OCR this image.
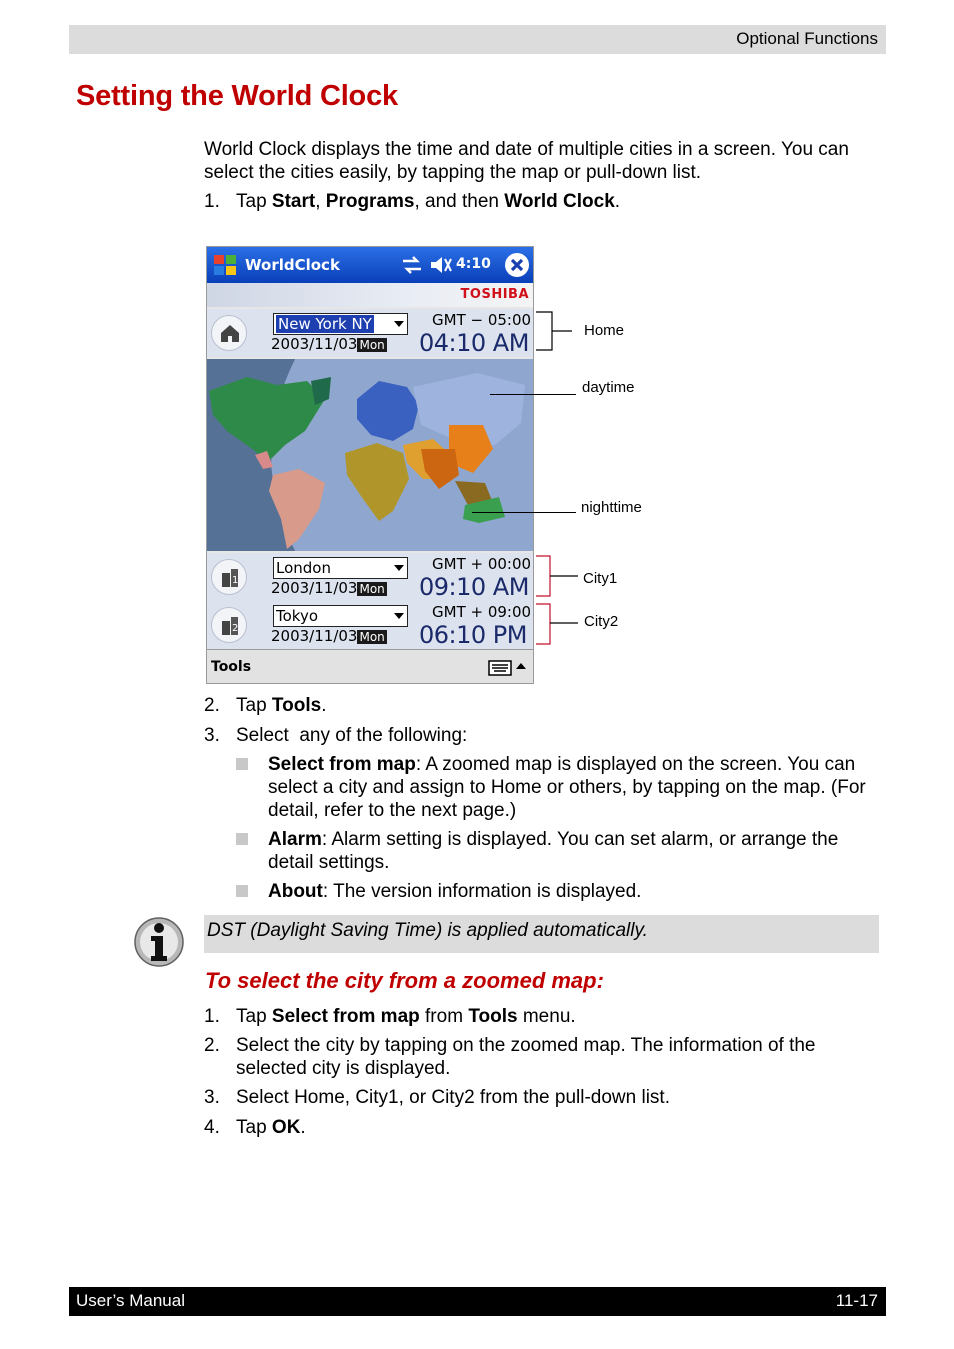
Optional Functions
Setting the World Clock
World Clock displays the time and date of multiple cities in a screen. You can select the cities easily, by tapping the map or pull-down list.
1. Tap Start, Programs, and then World Clock.
WorldClock	4:10
TOSHIBA
New York NY
2003/11/03 Mon
GMT − 05:00
04:10 AM
1
London
2003/11/03 Mon
GMT + 00:00
09:10 AM
2
Tokyo
2003/11/03 Mon
GMT + 09:00
06:10 PM
Tools
Home
daytime
nighttime
City1
City2
2. Tap Tools.
3. Select  any of the following:
Select from map: A zoomed map is displayed on the screen. You can select a city and assign to Home or others, by tapping on the map. (For detail, refer to the next page.)
Alarm: Alarm setting is displayed. You can set alarm, or arrange the detail settings.
About: The version information is displayed.
DST (Daylight Saving Time) is applied automatically.
To select the city from a zoomed map:
1. Tap Select from map from Tools menu.
2. Select the city by tapping on the zoomed map. The information of the selected city is displayed.
3. Select Home, City1, or City2 from the pull-down list.
4. Tap OK.
User’s Manual	11-17
